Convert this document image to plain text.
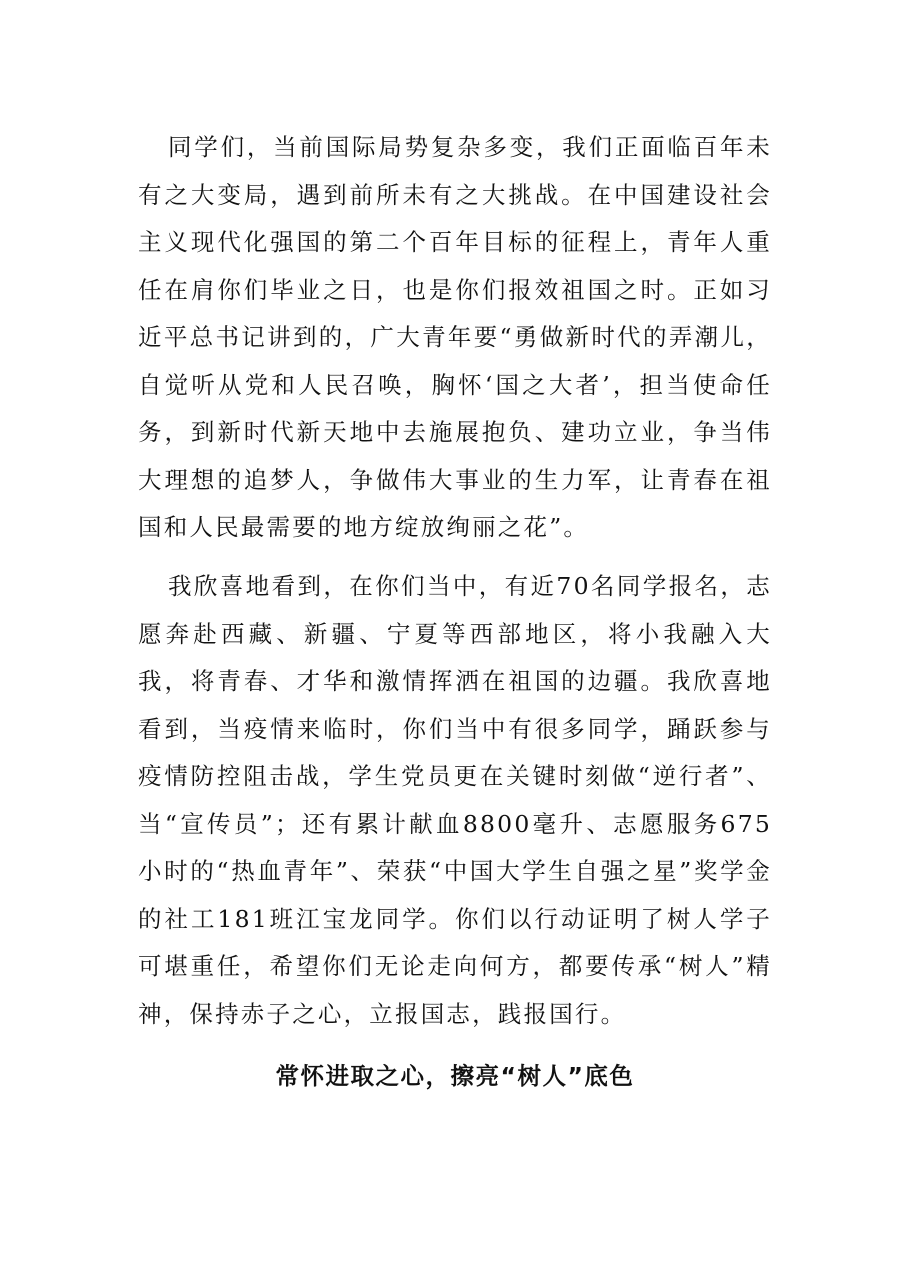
同学们，当前国际局势复杂多变，我们正面临百年未有之大变局，遇到前所未有之大挑战。在中国建设社会主义现代化强国的第二个百年目标的征程上，青年人重任在肩你们毕业之日，也是你们报效祖国之时。正如习近平总书记讲到的，广大青年要“勇做新时代的弄潮儿，自觉听从党和人民召唤，胸怀‘国之大者’，担当使命任务，到新时代新天地中去施展抱负、建功立业，争当伟大理想的追梦人，争做伟大事业的生力军，让青春在祖国和人民最需要的地方绽放绚丽之花”。

我欣喜地看到，在你们当中，有近70名同学报名，志愿奔赴西藏、新疆、宁夏等西部地区，将小我融入大我，将青春、才华和激情挥洒在祖国的边疆。我欣喜地看到，当疫情来临时，你们当中有很多同学，踊跃参与疫情防控阻击战，学生党员更在关键时刻做“逆行者”、当“宣传员”；还有累计献血8800毫升、志愿服务675小时的“热血青年”、荣获“中国大学生自强之星”奖学金的社工181班江宝龙同学。你们以行动证明了树人学子可堪重任，希望你们无论走向何方，都要传承“树人”精神，保持赤子之心，立报国志，践报国行。

常怀进取之心，擦亮“树人”底色
